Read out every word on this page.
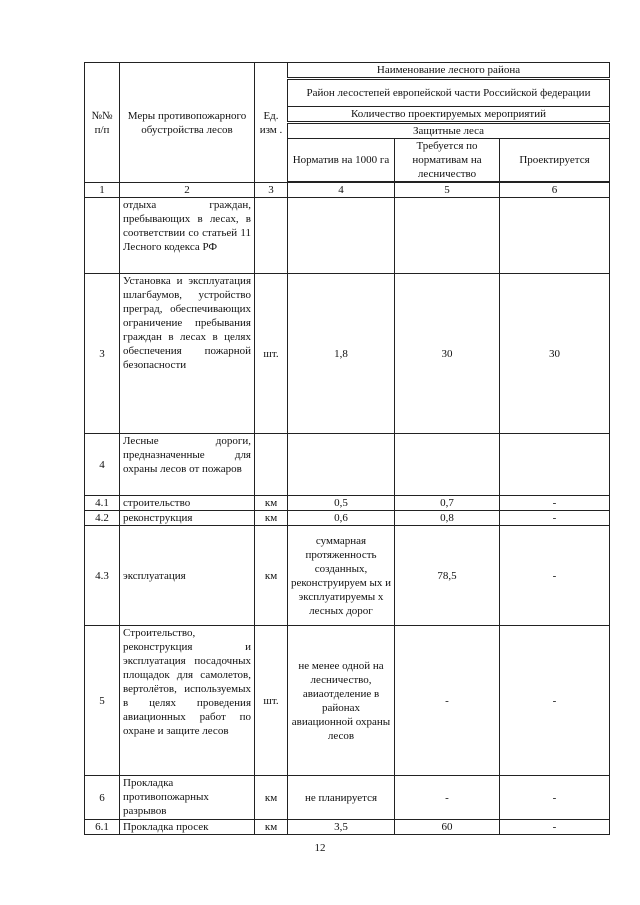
№№ п/п	Меры противопожарного обустройства лесов	Ед. изм .	Наименование лесного района		
			Район лесостепей европейской части Российской федерации		
			Количество проектируемых мероприятий		
			Защитные леса		
			Норматив на 1000 га	Требуется по нормативам на лесничество	Проектируется

1	2	3	4	5	6
	отдыха граждан, пребывающих в лесах, в соответствии со статьей 11 Лесного кодекса РФ				
3	Установка и эксплуатация шлагбаумов, устройство преград, обеспечивающих ограничение пребывания граждан в лесах в целях обеспечения пожарной безопасности	шт.	1,8	30	30
4	Лесные дороги, предназначенные для охраны лесов от пожаров				
4.1	строительство	км	0,5	0,7	-
4.2	реконструкция	км	0,6	0,8	-
4.3	эксплуатация	км	суммарная протяженность созданных, реконструируем ых и эксплуатируемы х лесных дорог	78,5	-
5	Строительство, реконструкция и эксплуатация посадочных площадок для самолетов, вертолётов, используемых в целях проведения авиационных работ по охране и защите лесов	шт.	не менее одной на лесничество, авиаотделение в районах авиационной охраны лесов	-	-
6	Прокладка противопожарных разрывов	км	не планируется	-	-
6.1	Прокладка просек	км	3,5	60	-
12
